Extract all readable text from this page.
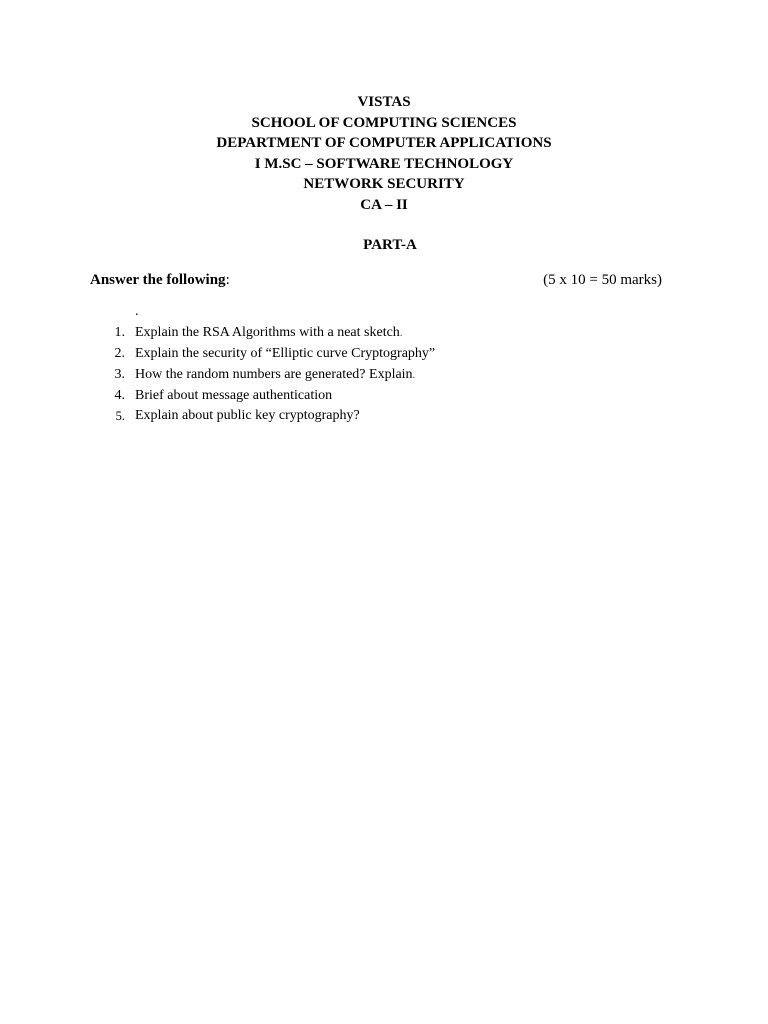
VISTAS
SCHOOL OF COMPUTING SCIENCES
DEPARTMENT OF COMPUTER APPLICATIONS
I M.SC – SOFTWARE TECHNOLOGY
NETWORK SECURITY
CA – II
PART-A
Answer the following:	(5 x 10 = 50 marks)
.
1. Explain the RSA Algorithms with a neat sketch.
2. Explain the security of “Elliptic curve Cryptography”
3. How the random numbers are generated? Explain.
4. Brief about message authentication
5. Explain about public key cryptography?
